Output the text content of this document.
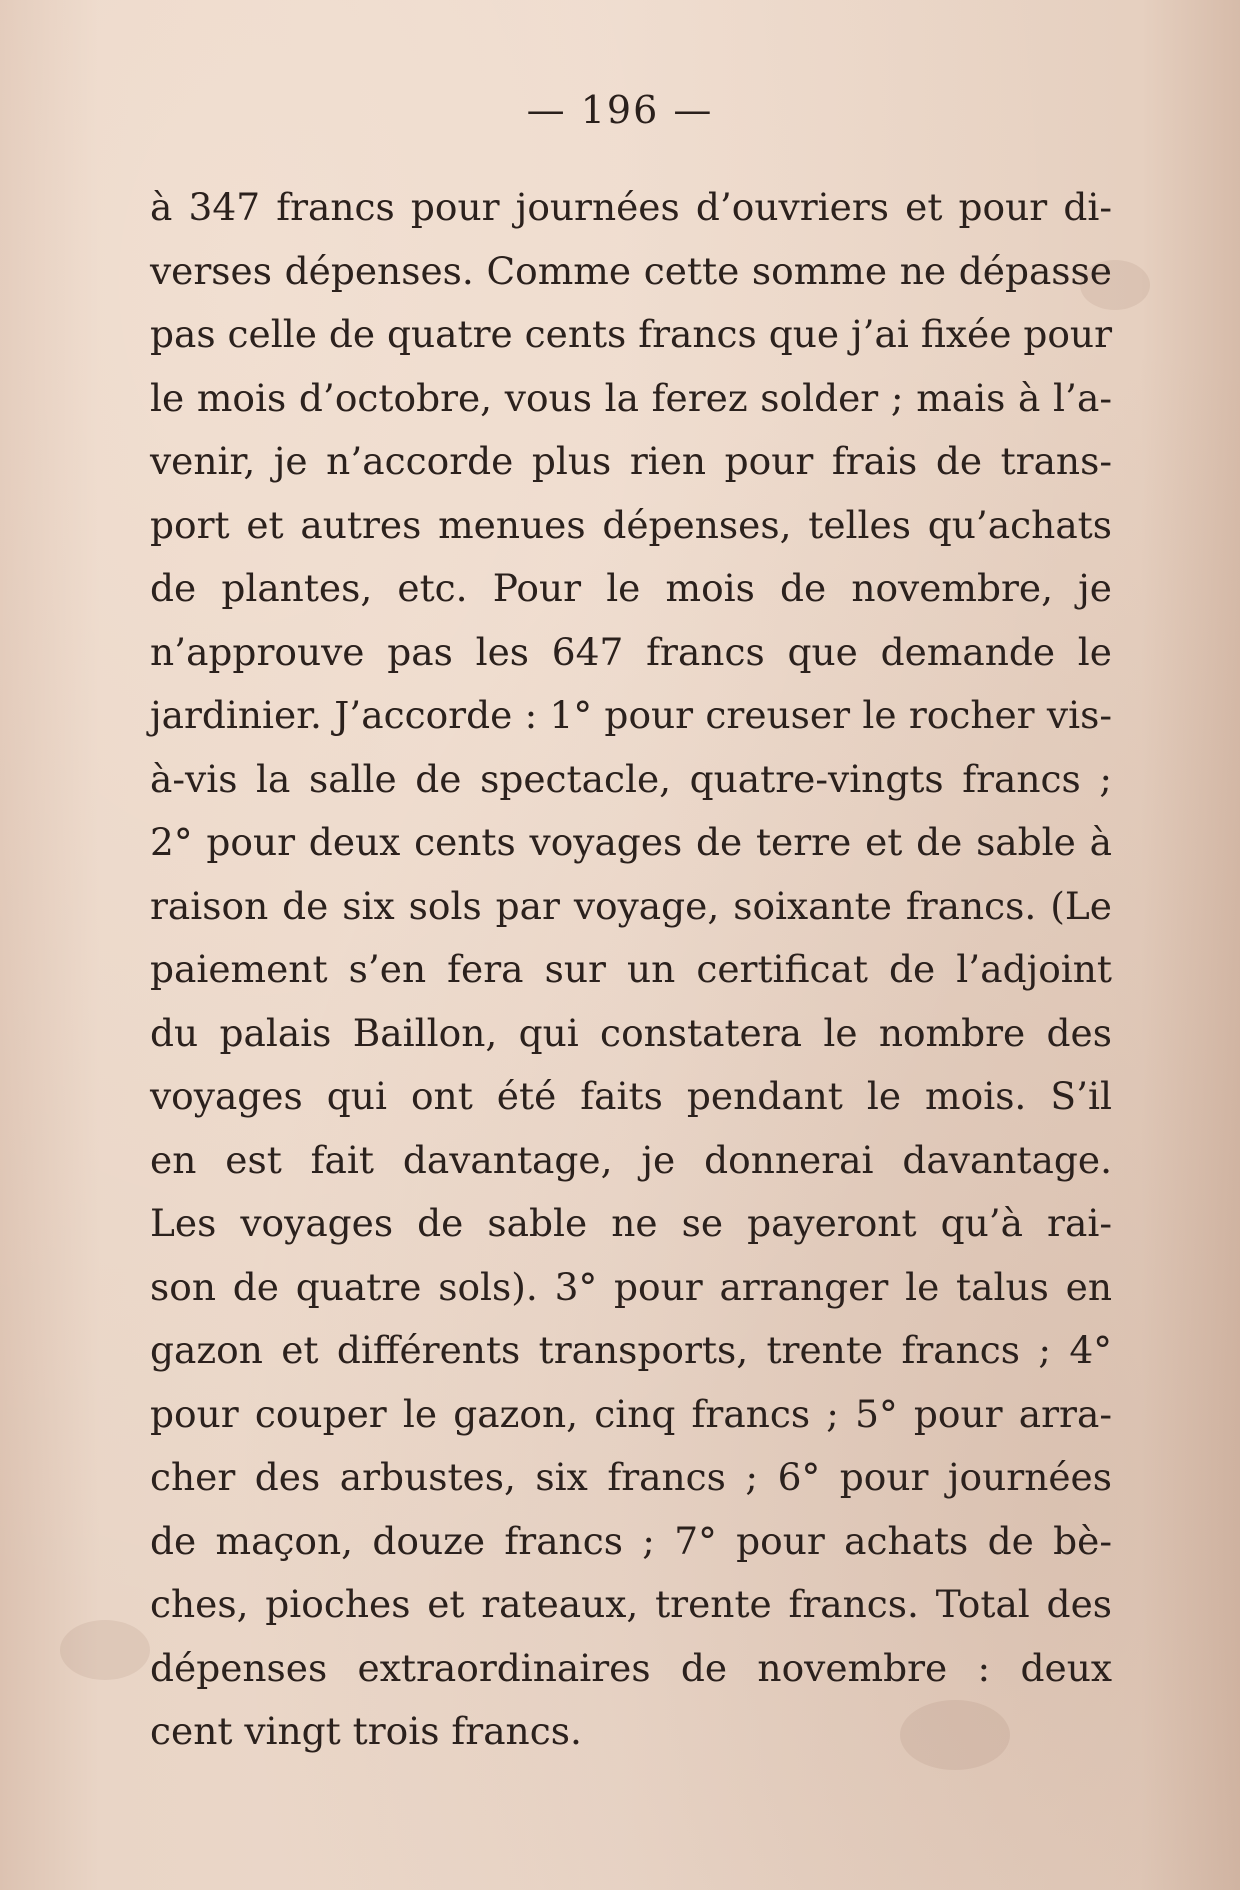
— 196 —
à 347 francs pour journées d’ouvriers et pour di-
verses dépenses. Comme cette somme ne dépasse
pas celle de quatre cents francs que j’ai fixée pour
le mois d’octobre, vous la ferez solder ; mais à l’a-
venir, je n’accorde plus rien pour frais de trans-
port et autres menues dépenses, telles qu’achats
de plantes, etc. Pour le mois de novembre, je
n’approuve pas les 647 francs que demande le
jardinier. J’accorde : 1° pour creuser le rocher vis-
à-vis la salle de spectacle, quatre-vingts francs ;
2° pour deux cents voyages de terre et de sable à
raison de six sols par voyage, soixante francs. (Le
paiement s’en fera sur un certificat de l’adjoint
du palais Baillon, qui constatera le nombre des
voyages qui ont été faits pendant le mois. S’il
en est fait davantage, je donnerai davantage.
Les voyages de sable ne se payeront qu’à rai-
son de quatre sols). 3° pour arranger le talus en
gazon et différents transports, trente francs ; 4°
pour couper le gazon, cinq francs ; 5° pour arra-
cher des arbustes, six francs ; 6° pour journées
de maçon, douze francs ; 7° pour achats de bè-
ches, pioches et rateaux, trente francs. Total des
dépenses extraordinaires de novembre : deux
cent vingt trois francs.
